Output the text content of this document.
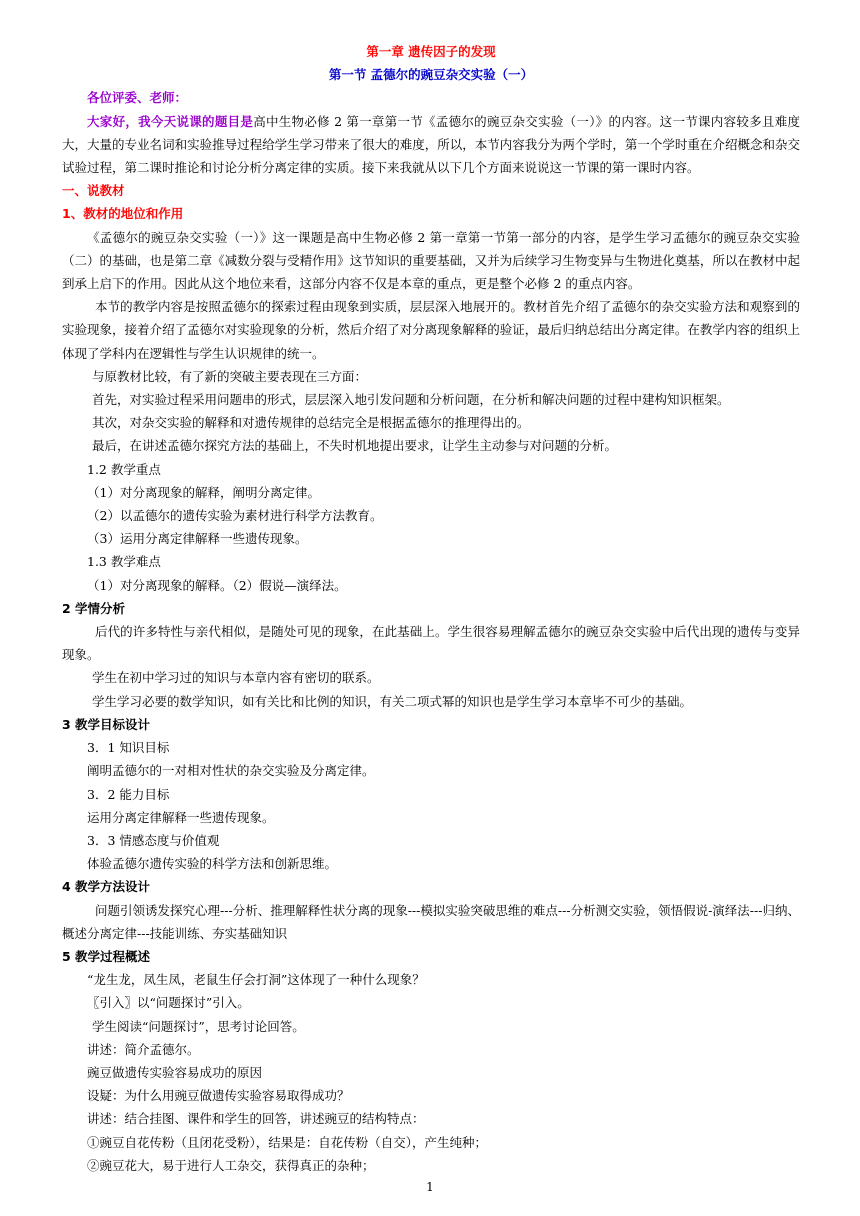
第一章 遗传因子的发现
第一节 孟德尔的豌豆杂交实验（一）
各位评委、老师：
大家好，我今天说课的题目是高中生物必修 2 第一章第一节《孟德尔的豌豆杂交实验（一）》的内容。这一节课内容较多且难度大，大量的专业名词和实验推导过程给学生学习带来了很大的难度，所以，本节内容我分为两个学时，第一个学时重在介绍概念和杂交试验过程，第二课时推论和讨论分析分离定律的实质。接下来我就从以下几个方面来说说这一节课的第一课时内容。
一、说教材
1、教材的地位和作用
《孟德尔的豌豆杂交实验（一）》这一课题是高中生物必修 2 第一章第一节第一部分的内容，是学生学习孟德尔的豌豆杂交实验（二）的基础，也是第二章《减数分裂与受精作用》这节知识的重要基础，又并为后续学习生物变异与生物进化奠基，所以在教材中起到承上启下的作用。因此从这个地位来看，这部分内容不仅是本章的重点，更是整个必修 2 的重点内容。
本节的教学内容是按照孟德尔的探索过程由现象到实质，层层深入地展开的。教材首先介绍了孟德尔的杂交实验方法和观察到的实验现象，接着介绍了孟德尔对实验现象的分析，然后介绍了对分离现象解释的验证，最后归纳总结出分离定律。在教学内容的组织上体现了学科内在逻辑性与学生认识规律的统一。
与原教材比较，有了新的突破主要表现在三方面：
首先，对实验过程采用问题串的形式，层层深入地引发问题和分析问题，在分析和解决问题的过程中建构知识框架。
其次，对杂交实验的解释和对遗传规律的总结完全是根据孟德尔的推理得出的。
最后，在讲述孟德尔探究方法的基础上，不失时机地提出要求，让学生主动参与对问题的分析。
1.2 教学重点
（1）对分离现象的解释，阐明分离定律。
（2）以孟德尔的遗传实验为素材进行科学方法教育。
（3）运用分离定律解释一些遗传现象。
1.3 教学难点
（1）对分离现象的解释。（2）假说—演绎法。
2 学情分析
后代的许多特性与亲代相似，是随处可见的现象，在此基础上。学生很容易理解孟德尔的豌豆杂交实验中后代出现的遗传与变异现象。
学生在初中学习过的知识与本章内容有密切的联系。
学生学习必要的数学知识，如有关比和比例的知识，有关二项式幂的知识也是学生学习本章毕不可少的基础。
3 教学目标设计
3．1 知识目标
阐明孟德尔的一对相对性状的杂交实验及分离定律。
3．2 能力目标
运用分离定律解释一些遗传现象。
3．3 情感态度与价值观
体验孟德尔遗传实验的科学方法和创新思维。
4 教学方法设计
问题引领诱发探究心理---分析、推理解释性状分离的现象---模拟实验突破思维的难点---分析测交实验，领悟假说-演绎法---归纳、概述分离定律---技能训练、夯实基础知识
5 教学过程概述
“龙生龙，凤生凤，老鼠生仔会打洞”这体现了一种什么现象？
〖引入〗以“问题探讨”引入。
学生阅读“问题探讨”，思考讨论回答。
讲述：简介孟德尔。
豌豆做遗传实验容易成功的原因
设疑：为什么用豌豆做遗传实验容易取得成功？
讲述：结合挂图、课件和学生的回答，讲述豌豆的结构特点：
①豌豆自花传粉（且闭花受粉），结果是：自花传粉（自交），产生纯种；
②豌豆花大，易于进行人工杂交，获得真正的杂种；
1
